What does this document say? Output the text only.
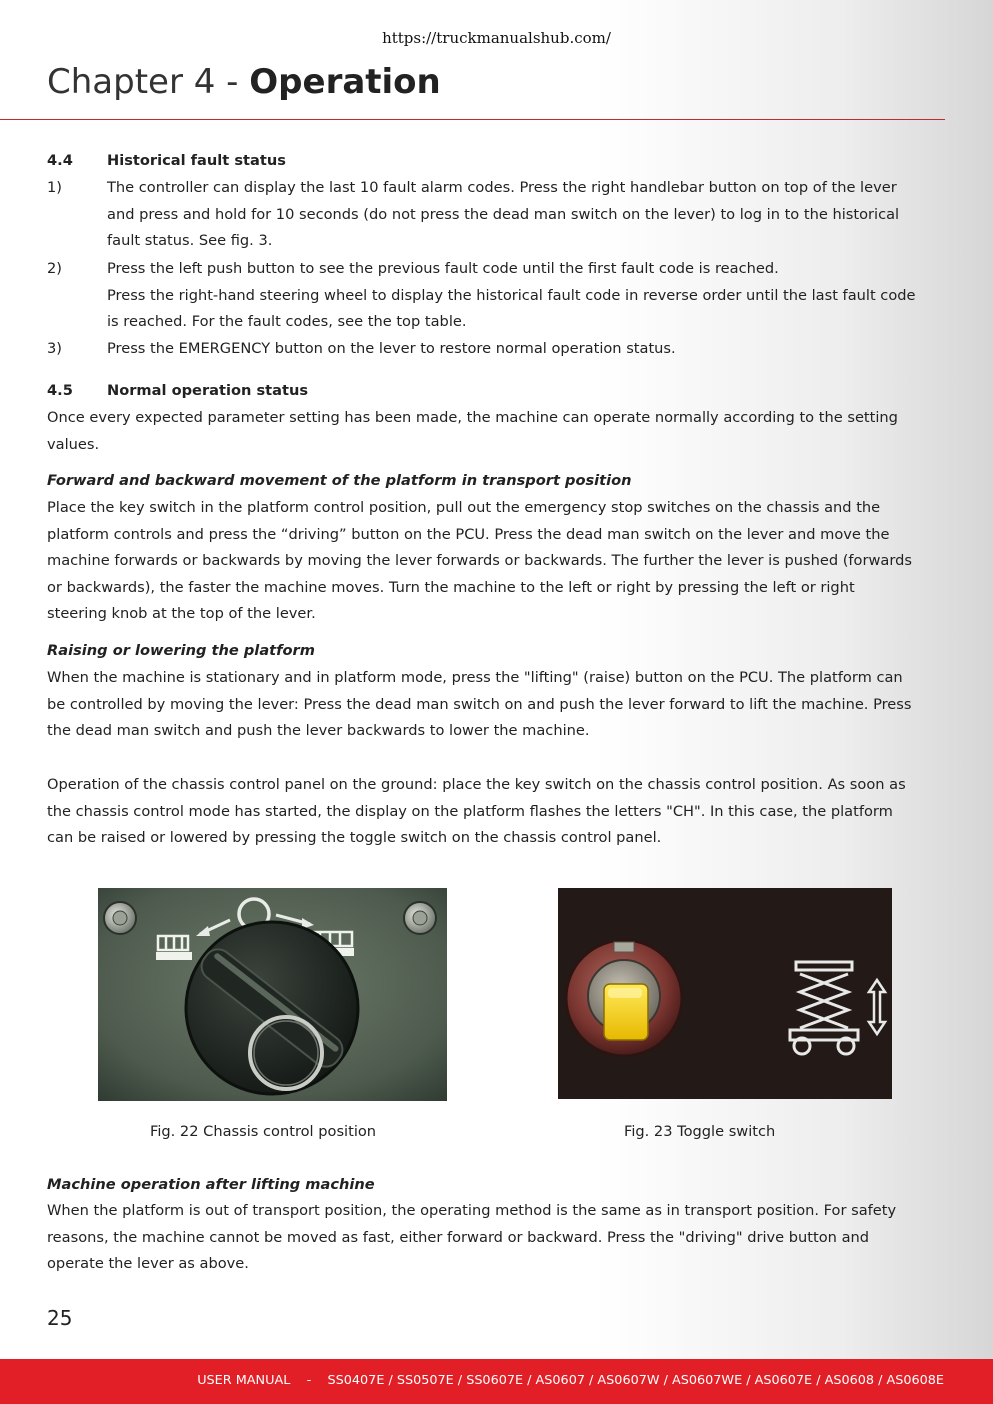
https://truckmanualshub.com/
Chapter 4 - Operation
4.4	Historical fault status
1)	The controller can display the last 10 fault alarm codes. Press the right handlebar button on top of the lever
and press and hold for 10 seconds (do not press the dead man switch on the lever) to log in to the historical
fault status. See fig. 3.
2)	Press the left push button to see the previous fault code until the first fault code is reached.
Press the right-hand steering wheel to display the historical fault code in reverse order until the last fault code
is reached. For the fault codes, see the top table.
3)	Press the EMERGENCY button on the lever to restore normal operation status.
4.5	Normal operation status
Once every expected parameter setting has been made, the machine can operate normally according to the setting
values.
Forward and backward movement of the platform in transport position
Place the key switch in the platform control position, pull out the emergency stop switches on the chassis and the
platform controls and press the “driving” button on the PCU. Press the dead man switch on the lever and move the
machine forwards or backwards by moving the lever forwards or backwards. The further the lever is pushed (forwards
or backwards), the faster the machine moves. Turn the machine to the left or right by pressing the left or right
steering knob at the top of the lever.
Raising or lowering the platform
When the machine is stationary and in platform mode, press the "lifting" (raise) button on the PCU. The platform can
be controlled by moving the lever: Press the dead man switch on and push the lever forward to lift the machine. Press
the dead man switch and push the lever backwards to lower the machine.
Operation of the chassis control panel on the ground: place the key switch on the chassis control position. As soon as
the chassis control mode has started, the display on the platform flashes the letters "CH". In this case, the platform
can be raised or lowered by pressing the toggle switch on the chassis control panel.
Fig. 22 Chassis control position	Fig. 23 Toggle switch
Machine operation after lifting machine
When the platform is out of transport position, the operating method is the same as in transport position. For safety
reasons, the machine cannot be moved as fast, either forward or backward. Press the "driving" drive button and
operate the lever as above.
25
USER MANUAL    -    SS0407E / SS0507E / SS0607E / AS0607 / AS0607W / AS0607WE / AS0607E / AS0608 / AS0608E
